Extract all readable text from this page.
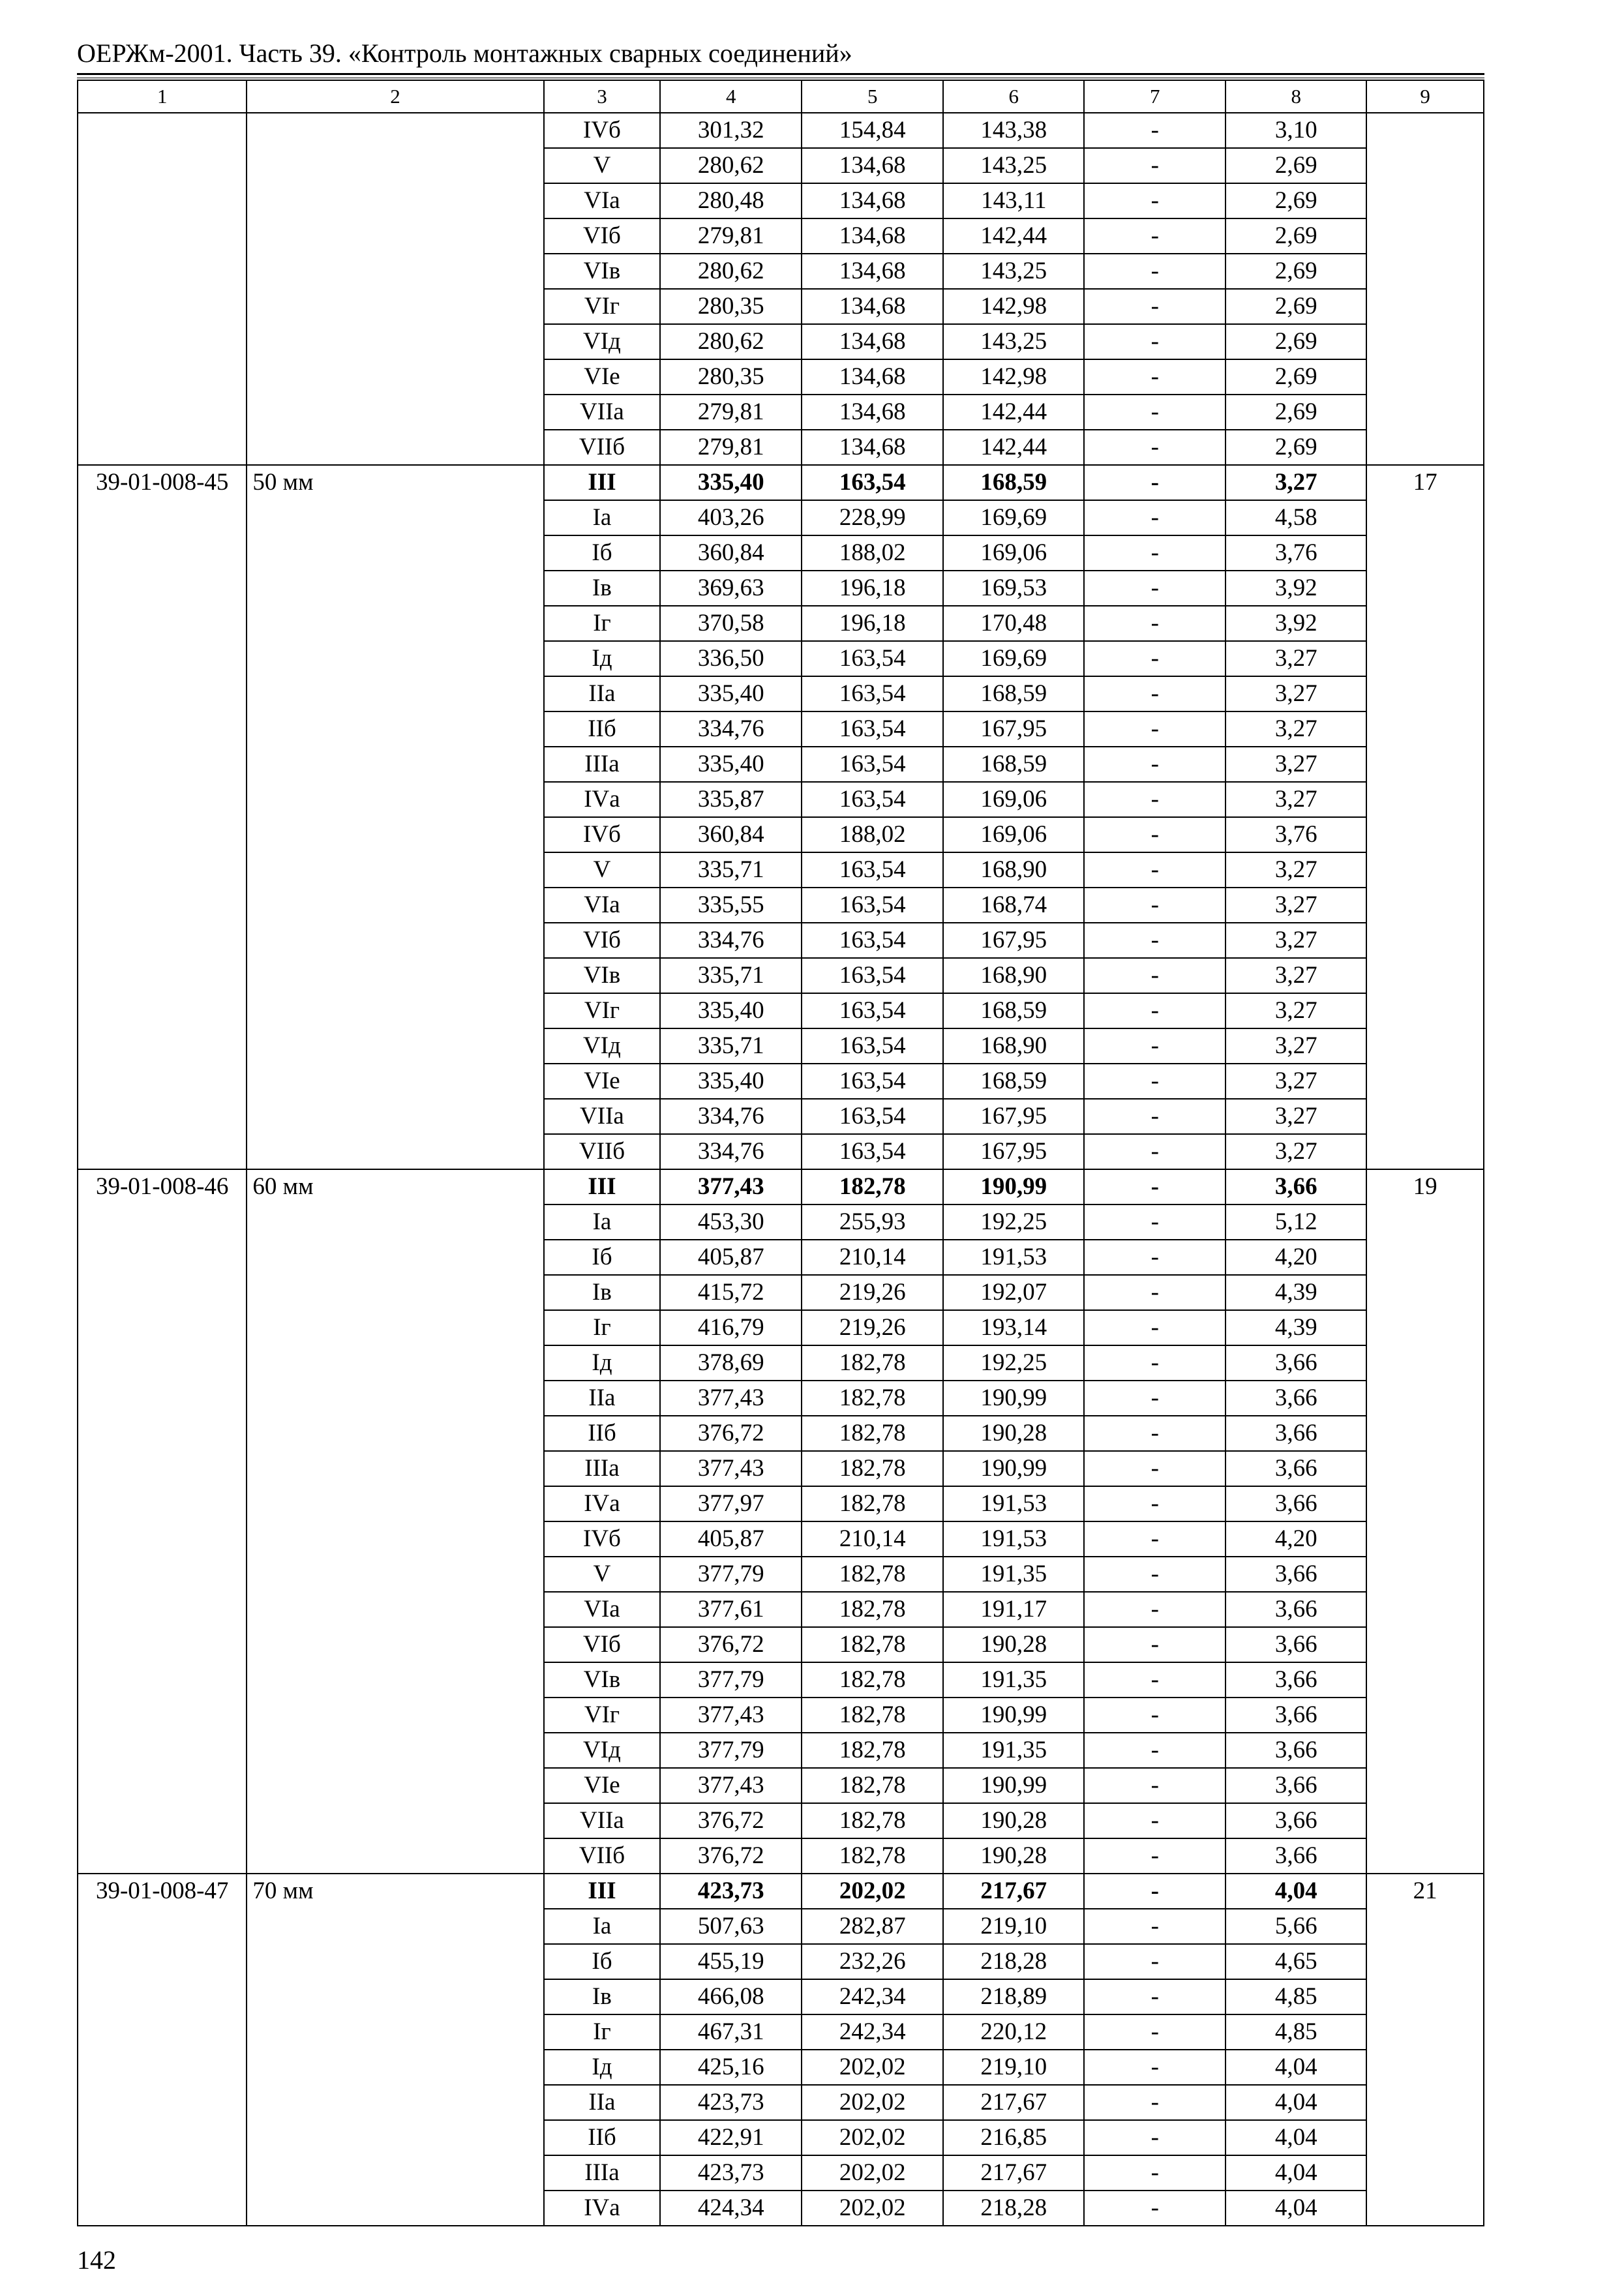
ОЕРЖм-2001. Часть 39. «Контроль монтажных сварных соединений»
1	2	3	4	5	6	7	8	9
		IVб	301,32	154,84	143,38	-	3,10	
		V	280,62	134,68	143,25	-	2,69	
		VIа	280,48	134,68	143,11	-	2,69	
		VIб	279,81	134,68	142,44	-	2,69	
		VIв	280,62	134,68	143,25	-	2,69	
		VIг	280,35	134,68	142,98	-	2,69	
		VIд	280,62	134,68	143,25	-	2,69	
		VIе	280,35	134,68	142,98	-	2,69	
		VIIа	279,81	134,68	142,44	-	2,69	
		VIIб	279,81	134,68	142,44	-	2,69	
39-01-008-45	50 мм	III	335,40	163,54	168,59	-	3,27	17
		Iа	403,26	228,99	169,69	-	4,58	
		Iб	360,84	188,02	169,06	-	3,76	
		Iв	369,63	196,18	169,53	-	3,92	
		Iг	370,58	196,18	170,48	-	3,92	
		Iд	336,50	163,54	169,69	-	3,27	
		IIа	335,40	163,54	168,59	-	3,27	
		IIб	334,76	163,54	167,95	-	3,27	
		IIIа	335,40	163,54	168,59	-	3,27	
		IVа	335,87	163,54	169,06	-	3,27	
		IVб	360,84	188,02	169,06	-	3,76	
		V	335,71	163,54	168,90	-	3,27	
		VIа	335,55	163,54	168,74	-	3,27	
		VIб	334,76	163,54	167,95	-	3,27	
		VIв	335,71	163,54	168,90	-	3,27	
		VIг	335,40	163,54	168,59	-	3,27	
		VIд	335,71	163,54	168,90	-	3,27	
		VIе	335,40	163,54	168,59	-	3,27	
		VIIа	334,76	163,54	167,95	-	3,27	
		VIIб	334,76	163,54	167,95	-	3,27	
39-01-008-46	60 мм	III	377,43	182,78	190,99	-	3,66	19
		Iа	453,30	255,93	192,25	-	5,12	
		Iб	405,87	210,14	191,53	-	4,20	
		Iв	415,72	219,26	192,07	-	4,39	
		Iг	416,79	219,26	193,14	-	4,39	
		Iд	378,69	182,78	192,25	-	3,66	
		IIа	377,43	182,78	190,99	-	3,66	
		IIб	376,72	182,78	190,28	-	3,66	
		IIIа	377,43	182,78	190,99	-	3,66	
		IVа	377,97	182,78	191,53	-	3,66	
		IVб	405,87	210,14	191,53	-	4,20	
		V	377,79	182,78	191,35	-	3,66	
		VIа	377,61	182,78	191,17	-	3,66	
		VIб	376,72	182,78	190,28	-	3,66	
		VIв	377,79	182,78	191,35	-	3,66	
		VIг	377,43	182,78	190,99	-	3,66	
		VIд	377,79	182,78	191,35	-	3,66	
		VIе	377,43	182,78	190,99	-	3,66	
		VIIа	376,72	182,78	190,28	-	3,66	
		VIIб	376,72	182,78	190,28	-	3,66	
39-01-008-47	70 мм	III	423,73	202,02	217,67	-	4,04	21
		Iа	507,63	282,87	219,10	-	5,66	
		Iб	455,19	232,26	218,28	-	4,65	
		Iв	466,08	242,34	218,89	-	4,85	
		Iг	467,31	242,34	220,12	-	4,85	
		Iд	425,16	202,02	219,10	-	4,04	
		IIа	423,73	202,02	217,67	-	4,04	
		IIб	422,91	202,02	216,85	-	4,04	
		IIIа	423,73	202,02	217,67	-	4,04	
		IVа	424,34	202,02	218,28	-	4,04	
142
